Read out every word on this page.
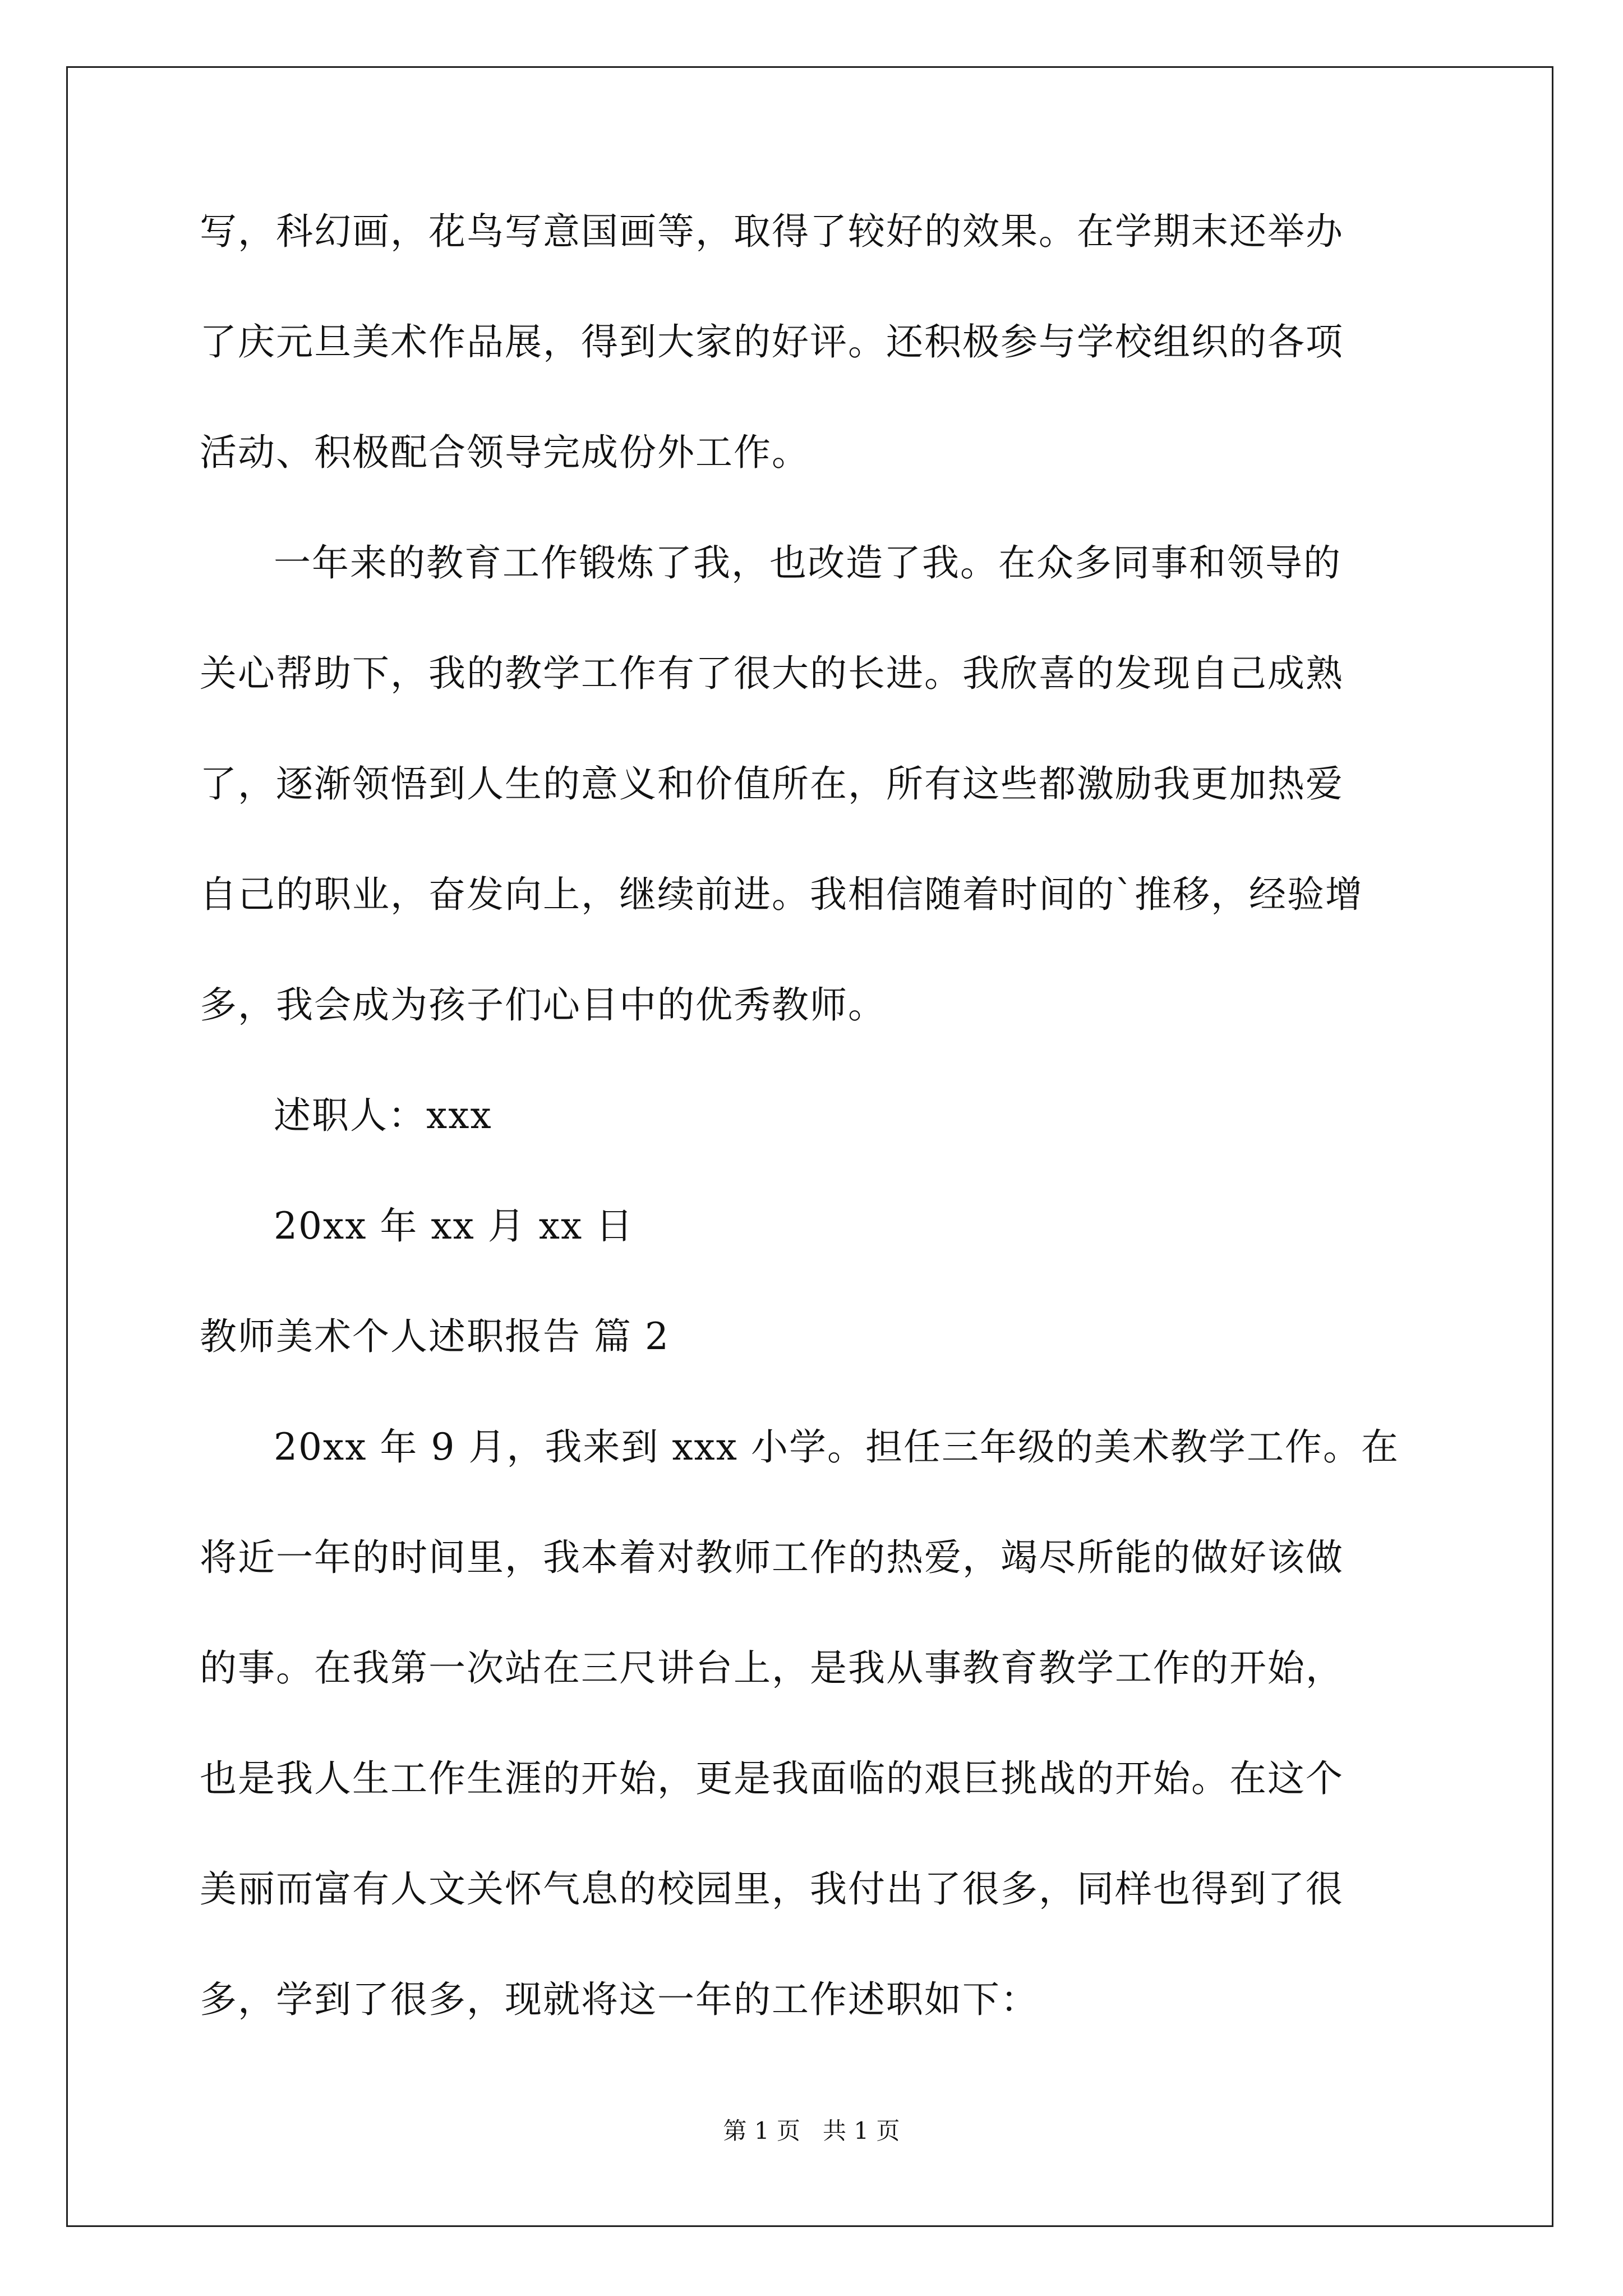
写，科幻画，花鸟写意国画等，取得了较好的效果。在学期末还举办
了庆元旦美术作品展，得到大家的好评。还积极参与学校组织的各项
活动、积极配合领导完成份外工作。
一年来的教育工作锻炼了我，也改造了我。在众多同事和领导的
关心帮助下，我的教学工作有了很大的长进。我欣喜的发现自己成熟
了，逐渐领悟到人生的意义和价值所在，所有这些都激励我更加热爱
自己的职业，奋发向上，继续前进。我相信随着时间的`推移，经验增
多，我会成为孩子们心目中的优秀教师。
述职人：xxx
20xx 年 xx 月 xx 日
教师美术个人述职报告 篇 2
20xx 年 9 月，我来到 xxx 小学。担任三年级的美术教学工作。在
将近一年的时间里，我本着对教师工作的热爱，竭尽所能的做好该做
的事。在我第一次站在三尺讲台上，是我从事教育教学工作的开始，
也是我人生工作生涯的开始，更是我面临的艰巨挑战的开始。在这个
美丽而富有人文关怀气息的校园里，我付出了很多，同样也得到了很
多，学到了很多，现就将这一年的工作述职如下：
第 1 页   共 1 页
